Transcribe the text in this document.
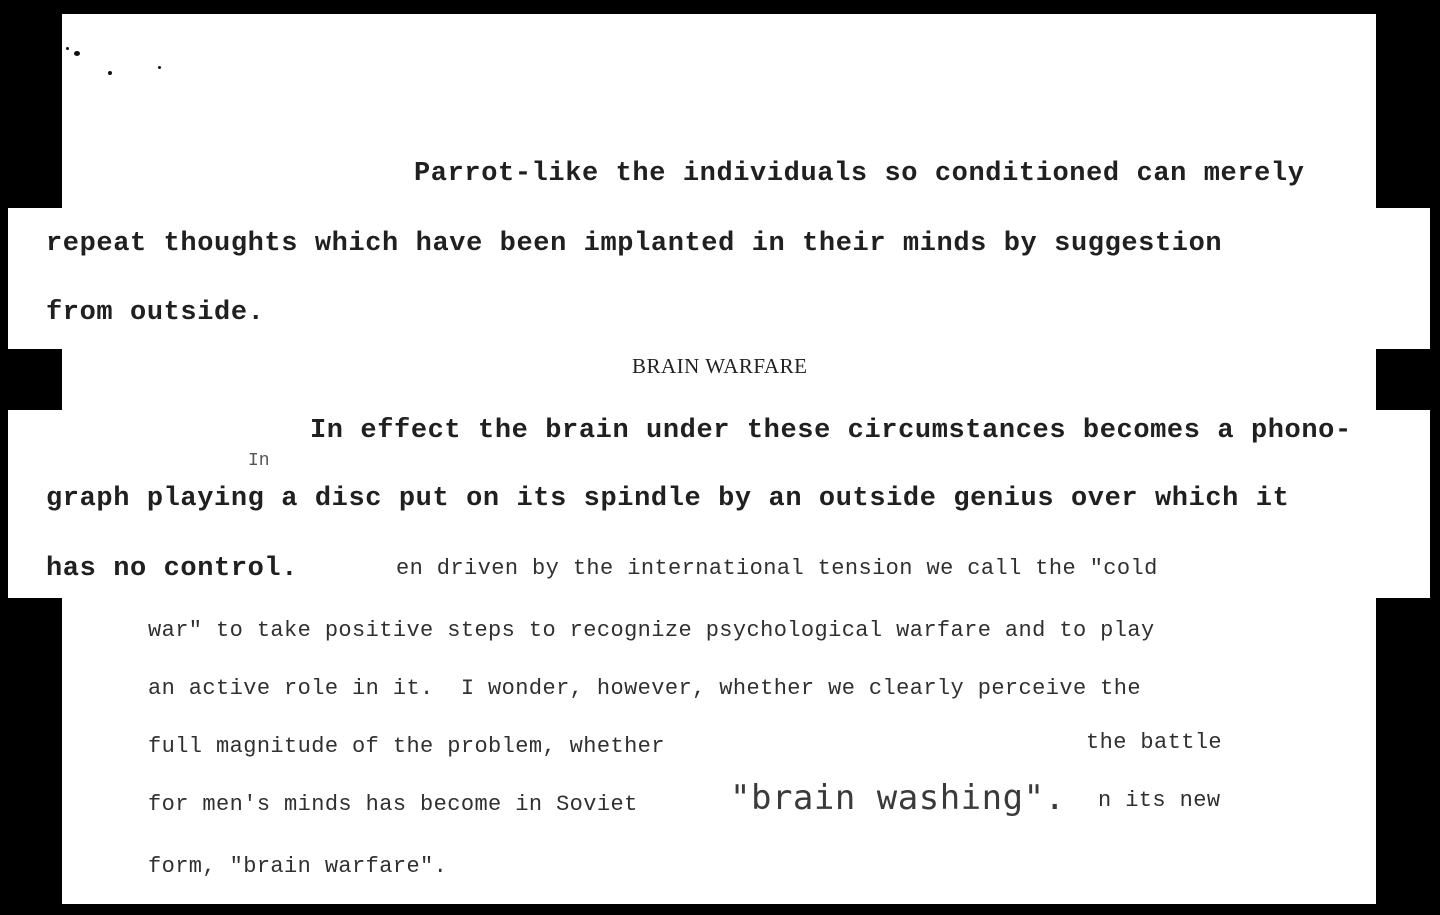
Parrot-like the individuals so conditioned can merely
repeat thoughts which have been implanted in their minds by suggestion
from outside.
BRAIN WARFARE
In effect the brain under these circumstances becomes a phono-
In
graph playing a disc put on its spindle by an outside genius over which it
has no control.	en driven by the international tension we call the "cold
war" to take positive steps to recognize psychological warfare and to play
an active role in it.  I wonder, however, whether we clearly perceive the
full magnitude of the problem, whether	the battle
for men's minds has become in Soviet	"brain washing". n its new
form, "brain warfare".
